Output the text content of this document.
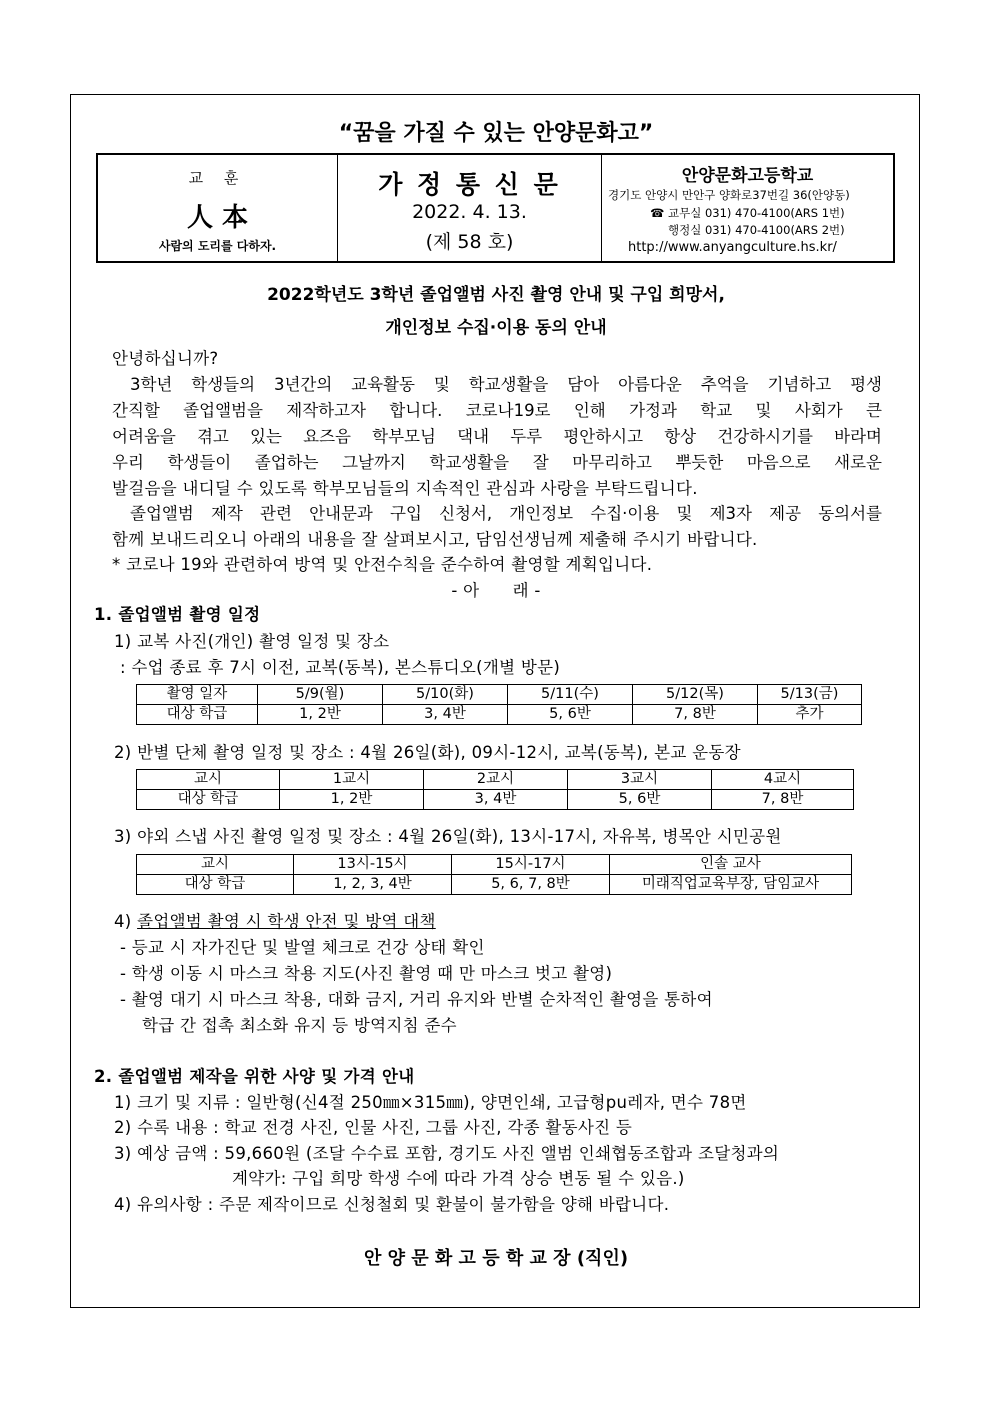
“꿈을 가질 수 있는 안양문화고”
교 훈
人 本
사람의 도리를 다하자.
가 정 통 신 문
2022. 4. 13.
(제 58 호)
안양문화고등학교
경기도 안양시 만안구 양화로37번길 36(안양동)
☎ 교무실 031) 470-4100(ARS 1번)
행정실 031) 470-4100(ARS 2번)
http://www.anyangculture.hs.kr/
2022학년도 3학년 졸업앨범 사진 촬영 안내 및 구입 희망서,
개인정보 수집·이용 동의 안내
안녕하십니까?
3학년 학생들의 3년간의 교육활동 및 학교생활을 담아 아름다운 추억을 기념하고 평생
간직할 졸업앨범을 제작하고자 합니다. 코로나19로 인해 가정과 학교 및 사회가 큰
어려움을 겪고 있는 요즈음 학부모님 댁내 두루 평안하시고 항상 건강하시기를 바라며
우리 학생들이 졸업하는 그날까지 학교생활을 잘 마무리하고 뿌듯한 마음으로 새로운
발걸음을 내디딜 수 있도록 학부모님들의 지속적인 관심과 사랑을 부탁드립니다.
졸업앨범 제작 관련 안내문과 구입 신청서, 개인정보 수집·이용 및 제3자 제공 동의서를
함께 보내드리오니 아래의 내용을 잘 살펴보시고, 담임선생님께 제출해 주시기 바랍니다.
* 코로나 19와 관련하여 방역 및 안전수칙을 준수하여 촬영할 계획입니다.
- 아      래 -
1. 졸업앨범 촬영 일정
1) 교복 사진(개인) 촬영 일정 및 장소
: 수업 종료 후 7시 이전, 교복(동복), 본스튜디오(개별 방문)
촬영 일자	5/9(월)	5/10(화)	5/11(수)	5/12(목)	5/13(금)
대상 학급	1, 2반	3, 4반	5, 6반	7, 8반	추가
2) 반별 단체 촬영 일정 및 장소 : 4월 26일(화), 09시-12시, 교복(동복), 본교 운동장
교시	1교시	2교시	3교시	4교시
대상 학급	1, 2반	3, 4반	5, 6반	7, 8반
3) 야외 스냅 사진 촬영 일정 및 장소 : 4월 26일(화), 13시-17시, 자유복, 병목안 시민공원
교시	13시-15시	15시-17시	인솔 교사
대상 학급	1, 2, 3, 4반	5, 6, 7, 8반	미래직업교육부장, 담임교사
4) 졸업앨범 촬영 시 학생 안전 및 방역 대책
- 등교 시 자가진단 및 발열 체크로 건강 상태 확인
- 학생 이동 시 마스크 착용 지도(사진 촬영 때 만 마스크 벗고 촬영)
- 촬영 대기 시 마스크 착용, 대화 금지, 거리 유지와 반별 순차적인 촬영을 통하여
학급 간 접촉 최소화 유지 등 방역지침 준수
2. 졸업앨범 제작을 위한 사양 및 가격 안내
1) 크기 및 지류 : 일반형(신4절 250㎜×315㎜), 양면인쇄, 고급형pu레자, 면수 78면
2) 수록 내용 : 학교 전경 사진, 인물 사진, 그룹 사진, 각종 활동사진 등
3) 예상 금액 : 59,660원 (조달 수수료 포함, 경기도 사진 앨범 인쇄협동조합과 조달청과의
계약가: 구입 희망 학생 수에 따라 가격 상승 변동 될 수 있음.)
4) 유의사항 : 주문 제작이므로 신청철회 및 환불이 불가함을 양해 바랍니다.
안 양 문 화 고 등 학 교 장 (직인)
